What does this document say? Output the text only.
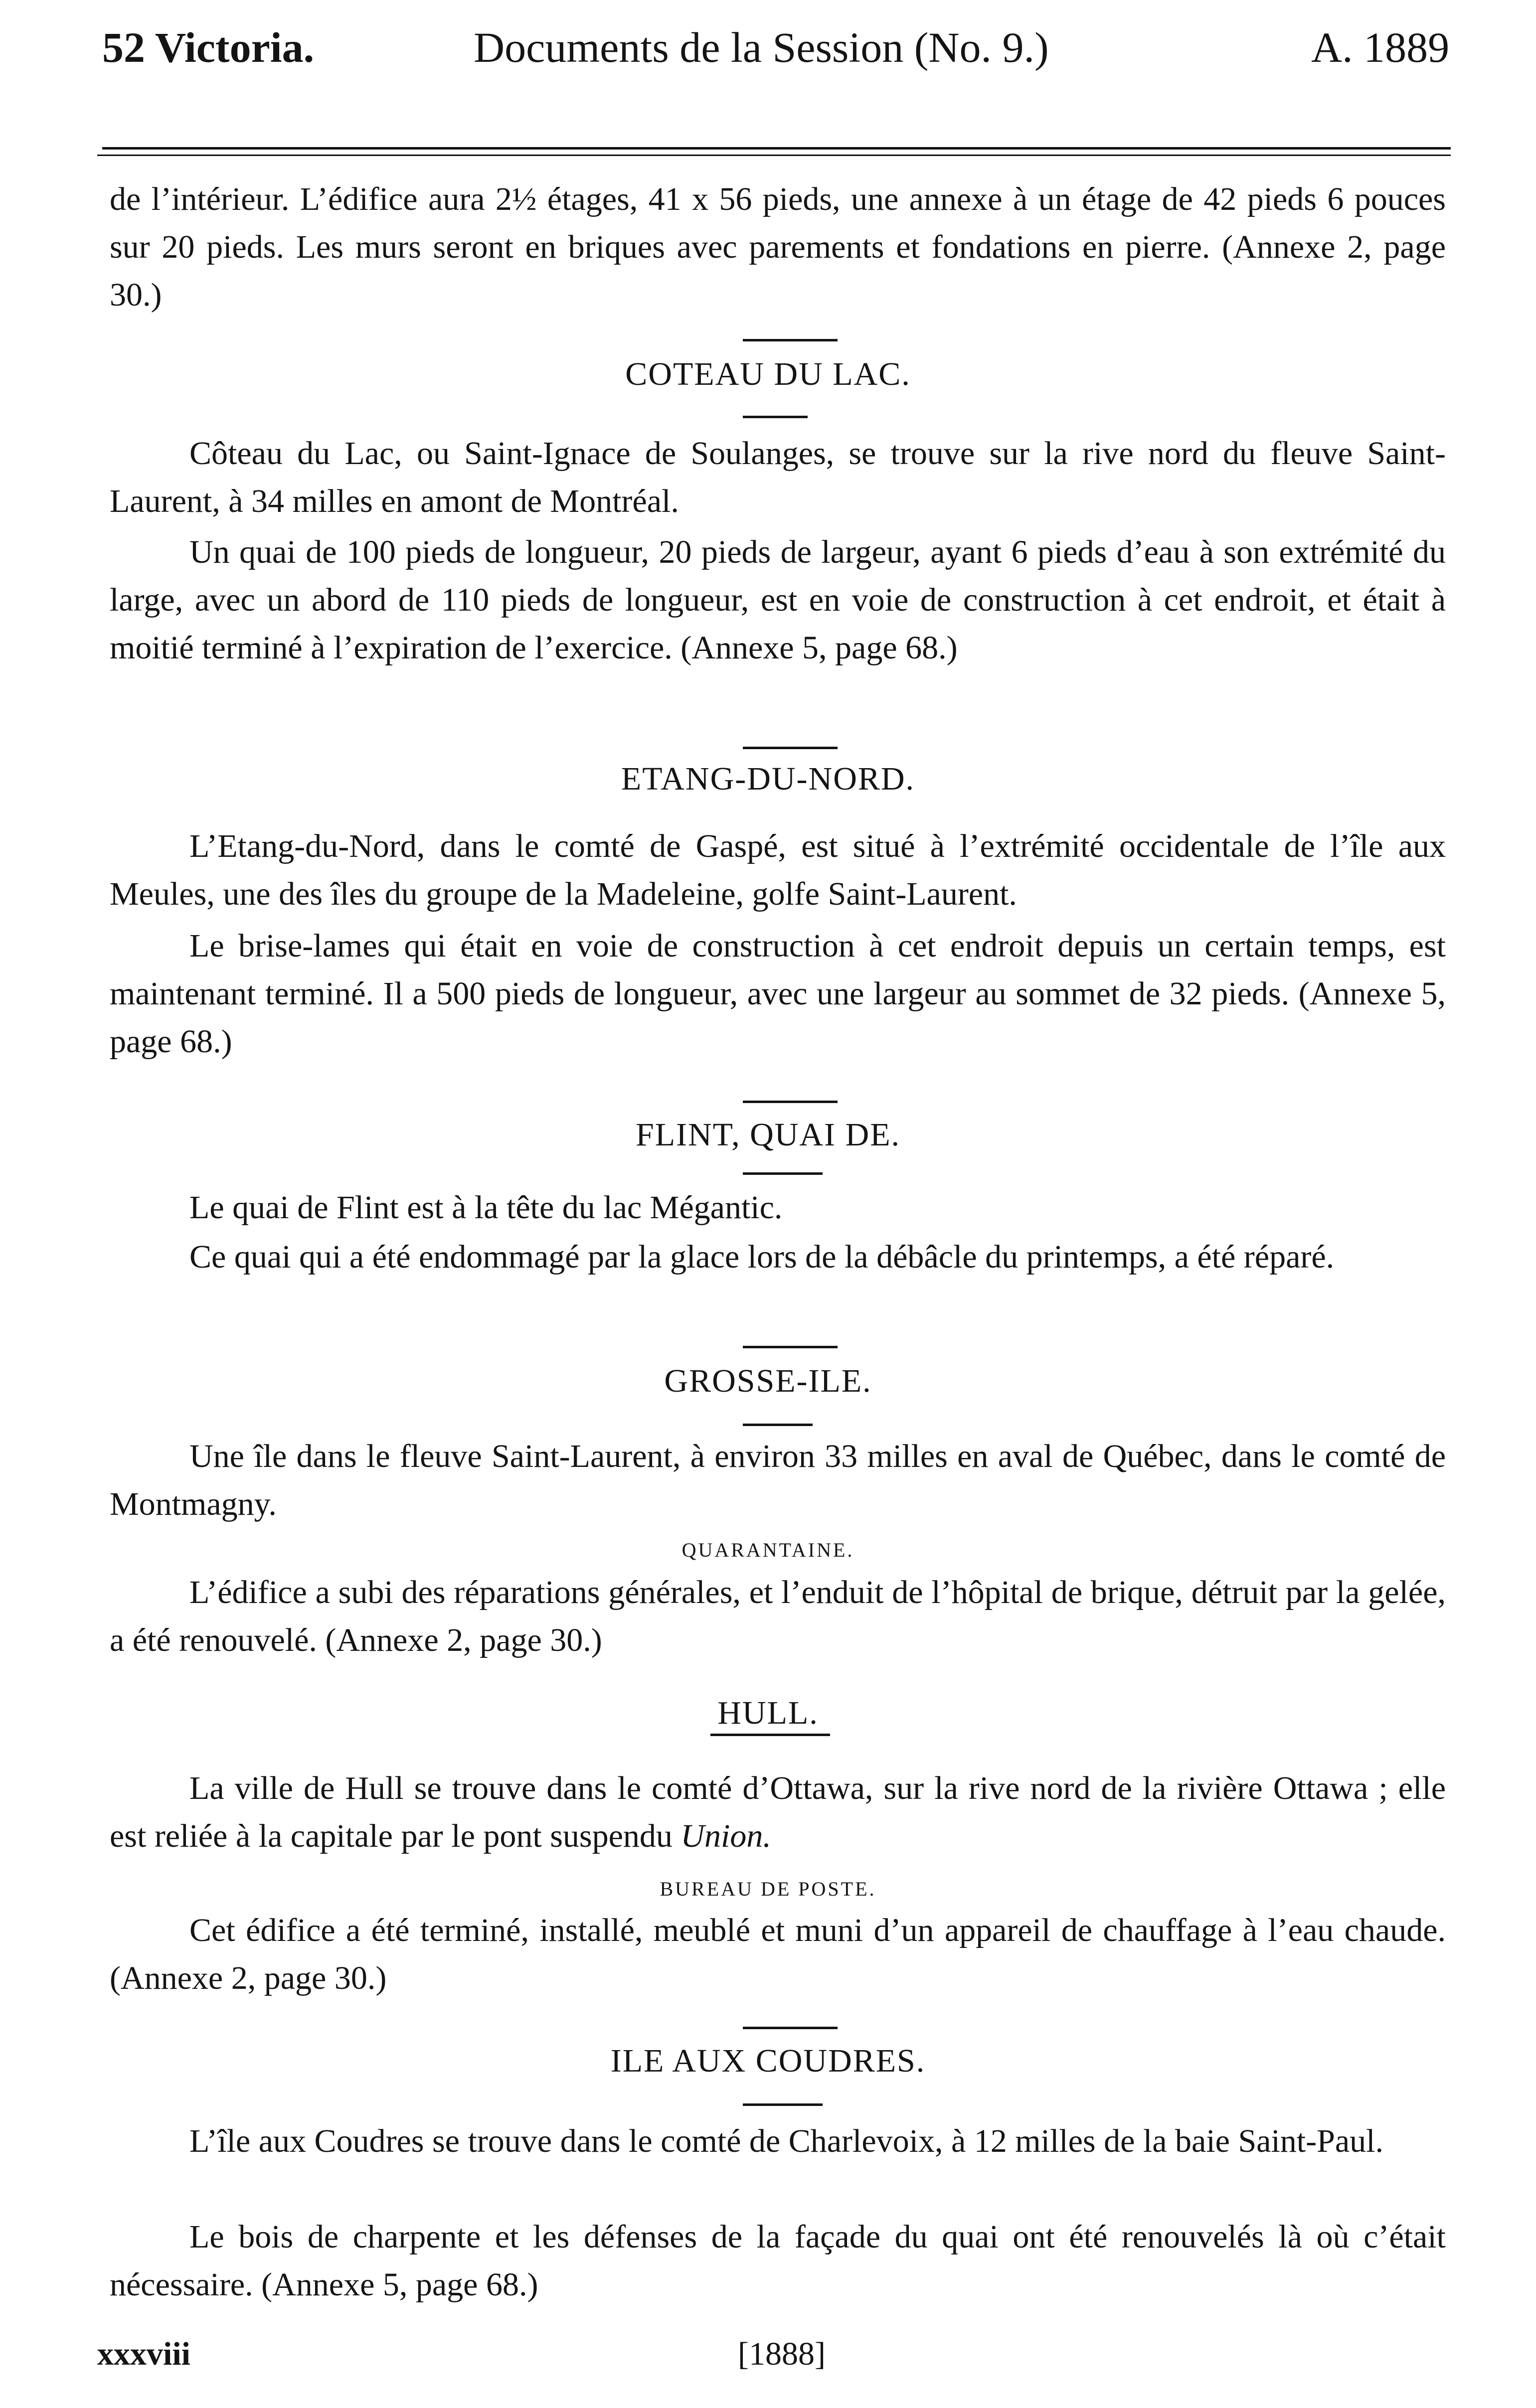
52 Victoria.	Documents de la Session (No. 9.)	A. 1889
de l’intérieur. L’édifice aura 2½ étages, 41 x 56 pieds, une annexe à un étage de 42 pieds 6 pouces sur 20 pieds. Les murs seront en briques avec parements et fondations en pierre. (Annexe 2, page 30.)
COTEAU DU LAC.
Côteau du Lac, ou Saint-Ignace de Soulanges, se trouve sur la rive nord du fleuve Saint-Laurent, à 34 milles en amont de Montréal.
Un quai de 100 pieds de longueur, 20 pieds de largeur, ayant 6 pieds d’eau à son extrémité du large, avec un abord de 110 pieds de longueur, est en voie de construction à cet endroit, et était à moitié terminé à l’expiration de l’exercice. (Annexe 5, page 68.)
ETANG-DU-NORD.
L’Etang-du-Nord, dans le comté de Gaspé, est situé à l’extrémité occidentale de l’île aux Meules, une des îles du groupe de la Madeleine, golfe Saint-Laurent.
Le brise-lames qui était en voie de construction à cet endroit depuis un certain temps, est maintenant terminé. Il a 500 pieds de longueur, avec une largeur au sommet de 32 pieds. (Annexe 5, page 68.)
FLINT, QUAI DE.
Le quai de Flint est à la tête du lac Mégantic.
Ce quai qui a été endommagé par la glace lors de la débâcle du printemps, a été réparé.
GROSSE-ILE.
Une île dans le fleuve Saint-Laurent, à environ 33 milles en aval de Québec, dans le comté de Montmagny.
QUARANTAINE.
L’édifice a subi des réparations générales, et l’enduit de l’hôpital de brique, détruit par la gelée, a été renouvelé. (Annexe 2, page 30.)
HULL.
La ville de Hull se trouve dans le comté d’Ottawa, sur la rive nord de la rivière Ottawa ; elle est reliée à la capitale par le pont suspendu Union.
BUREAU DE POSTE.
Cet édifice a été terminé, installé, meublé et muni d’un appareil de chauffage à l’eau chaude. (Annexe 2, page 30.)
ILE AUX COUDRES.
L’île aux Coudres se trouve dans le comté de Charlevoix, à 12 milles de la baie Saint-Paul.
Le bois de charpente et les défenses de la façade du quai ont été renouvelés là où c’était nécessaire. (Annexe 5, page 68.)
xxxviii	[1888]
